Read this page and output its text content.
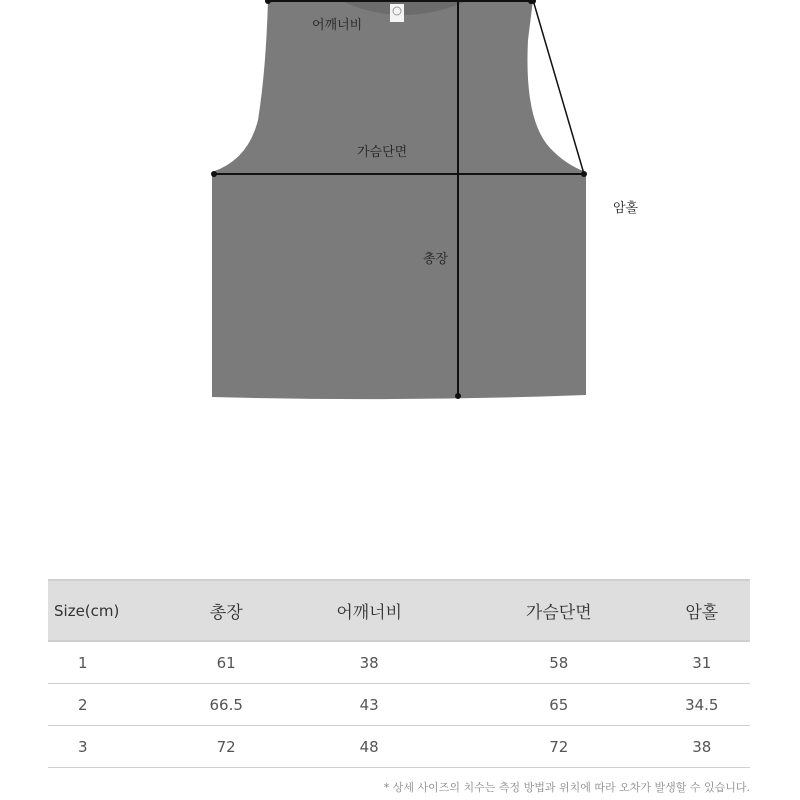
어깨너비
가슴단면
총장
암홀
Size(cm)	총장	어깨너비	가슴단면	암홀
1	61	38	58	31
2	66.5	43	65	34.5
3	72	48	72	38
* 상세 사이즈의 치수는 측정 방법과 위치에 따라 오차가 발생할 수 있습니다.
